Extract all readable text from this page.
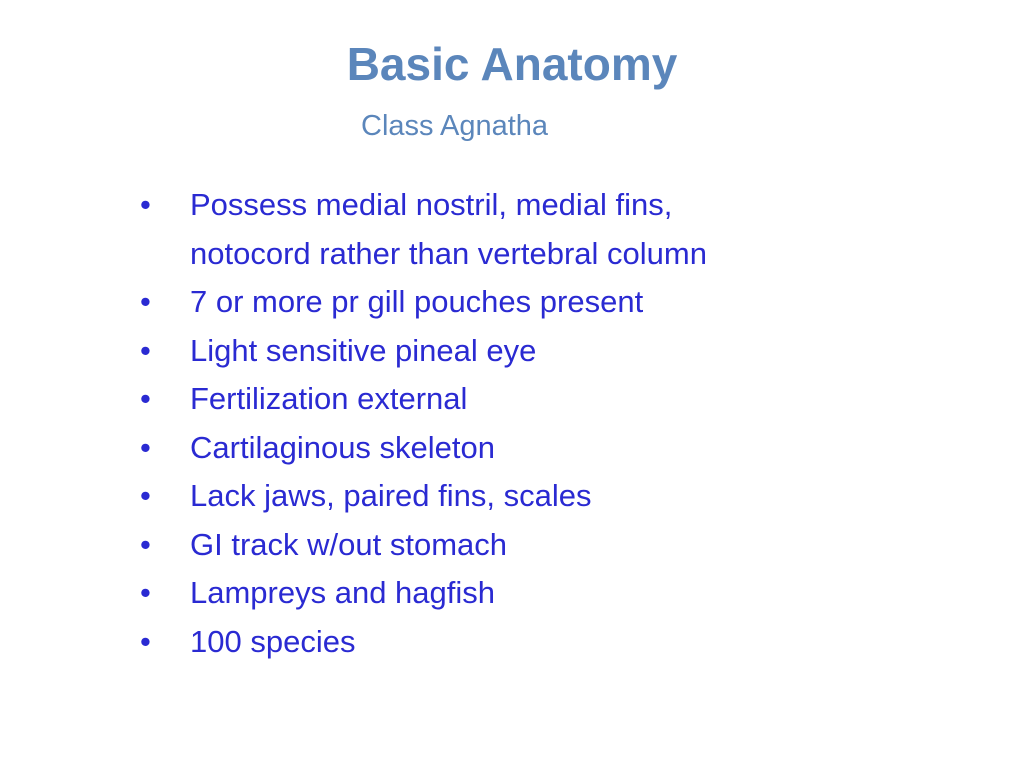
Basic Anatomy

Class Agnatha

• Possess medial nostril, medial fins,
notocord rather than vertebral column
• 7 or more pr gill pouches present
• Light sensitive pineal eye
• Fertilization external
• Cartilaginous skeleton
• Lack jaws, paired fins, scales
• GI track w/out stomach
• Lampreys and hagfish
• 100 species
